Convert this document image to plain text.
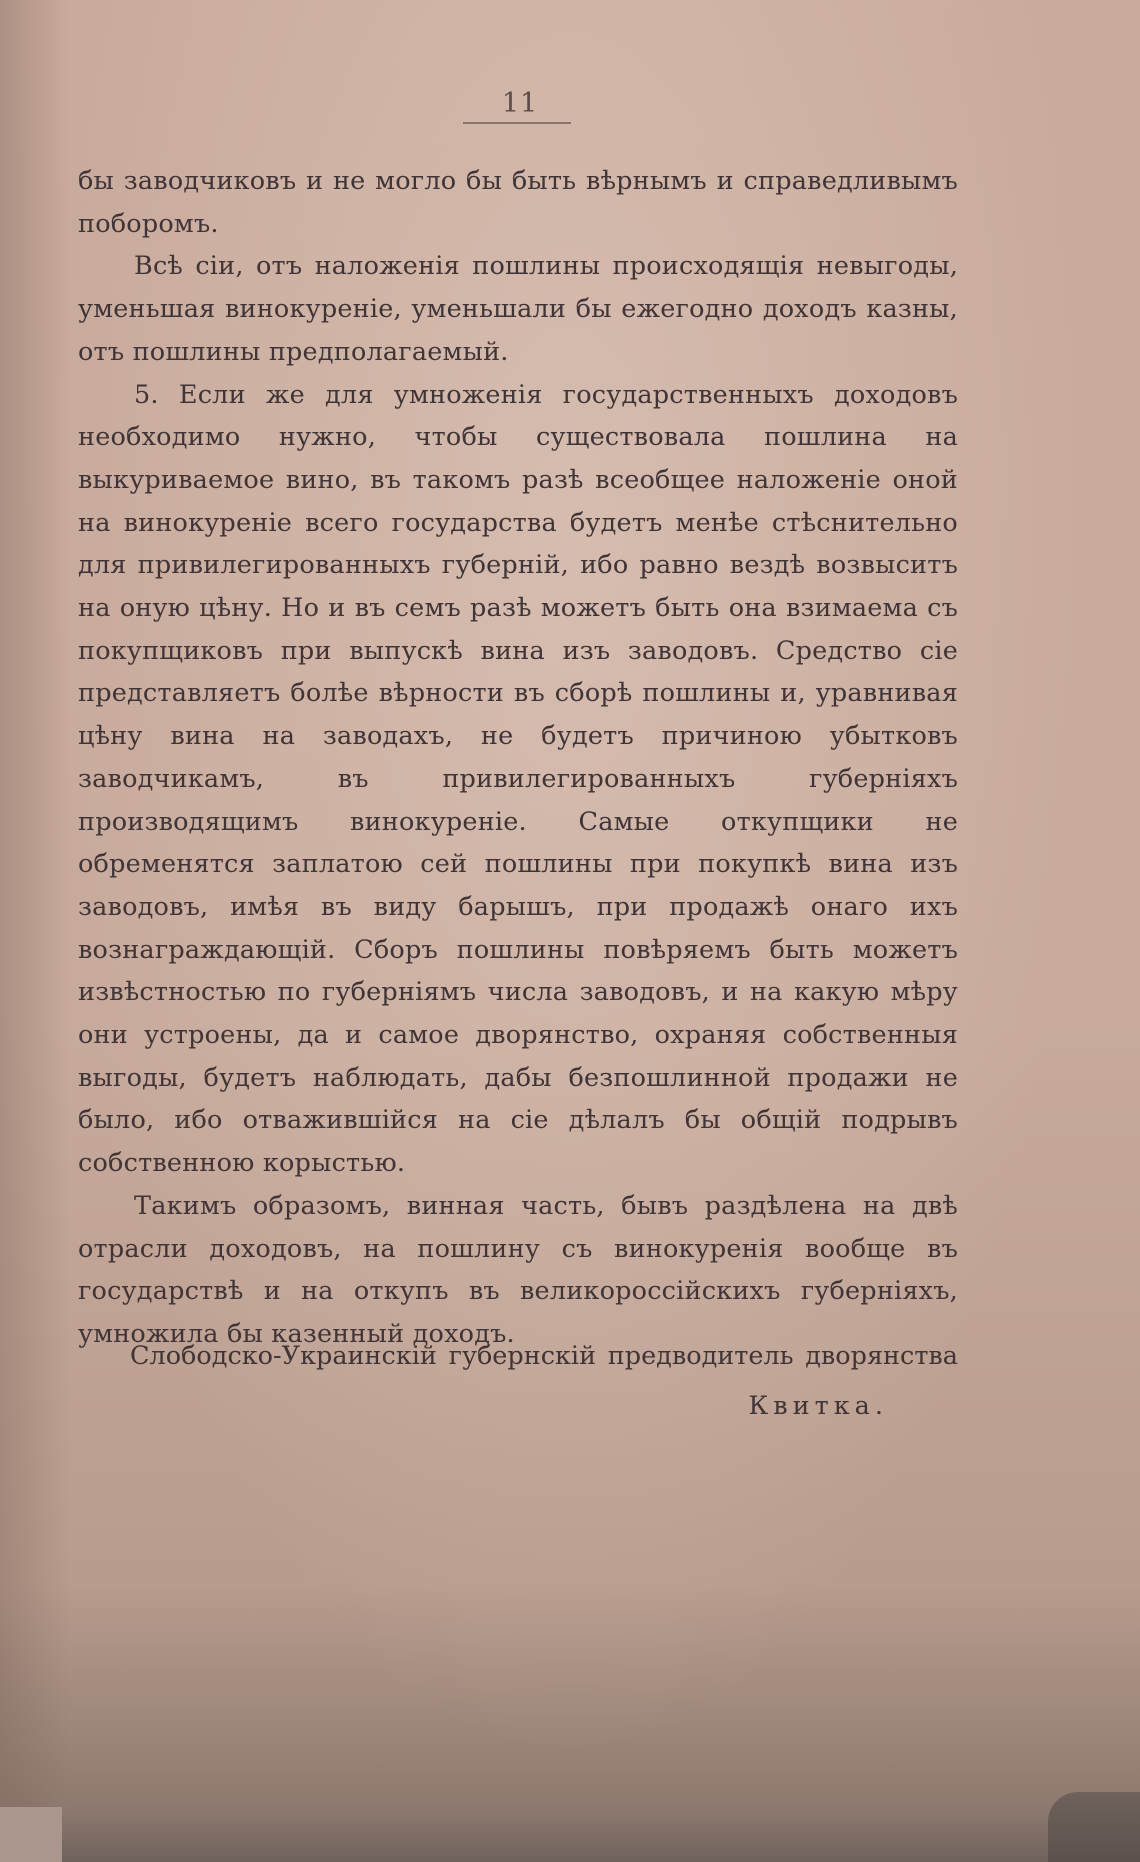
11

бы заводчиковъ и не могло бы быть вѣрнымъ и справедливымъ поборомъ.

Всѣ сіи, отъ наложенія пошлины происходящія невыгоды, уменьшая винокуреніе, уменьшали бы ежегодно доходъ казны, отъ пошлины предполагаемый.

5. Если же для умноженія государственныхъ доходовъ необходимо нужно, чтобы существовала пошлина на выкуриваемое вино, въ такомъ разѣ всеобщее наложеніе оной на винокуреніе всего государства будетъ менѣе стѣснительно для привилегированныхъ губерній, ибо равно вездѣ возвыситъ на оную цѣну. Но и въ семъ разѣ можетъ быть она взимаема съ покупщиковъ при выпускѣ вина изъ заводовъ. Средство сіе представляетъ болѣе вѣрности въ сборѣ пошлины и, уравнивая цѣну вина на заводахъ, не будетъ причиною убытковъ заводчикамъ, въ привилегированныхъ губерніяхъ производящимъ винокуреніе. Самые откупщики не обременятся заплатою сей пошлины при покупкѣ вина изъ заводовъ, имѣя въ виду барышъ, при продажѣ онаго ихъ вознаграждающій. Сборъ пошлины повѣряемъ быть можетъ извѣстностью по губерніямъ числа заводовъ, и на какую мѣру они устроены, да и самое дворянство, охраняя собственныя выгоды, будетъ наблюдать, дабы безпошлинной продажи не было, ибо отважившійся на сіе дѣлалъ бы общій подрывъ собственною корыстью.

Такимъ образомъ, винная часть, бывъ раздѣлена на двѣ отрасли доходовъ, на пошлину съ винокуренія вообще въ государствѣ и на откупъ въ великороссійскихъ губерніяхъ, умножила бы казенный доходъ.

Слободско-Украинскій губернскій предводитель дворянства
Квитка.
